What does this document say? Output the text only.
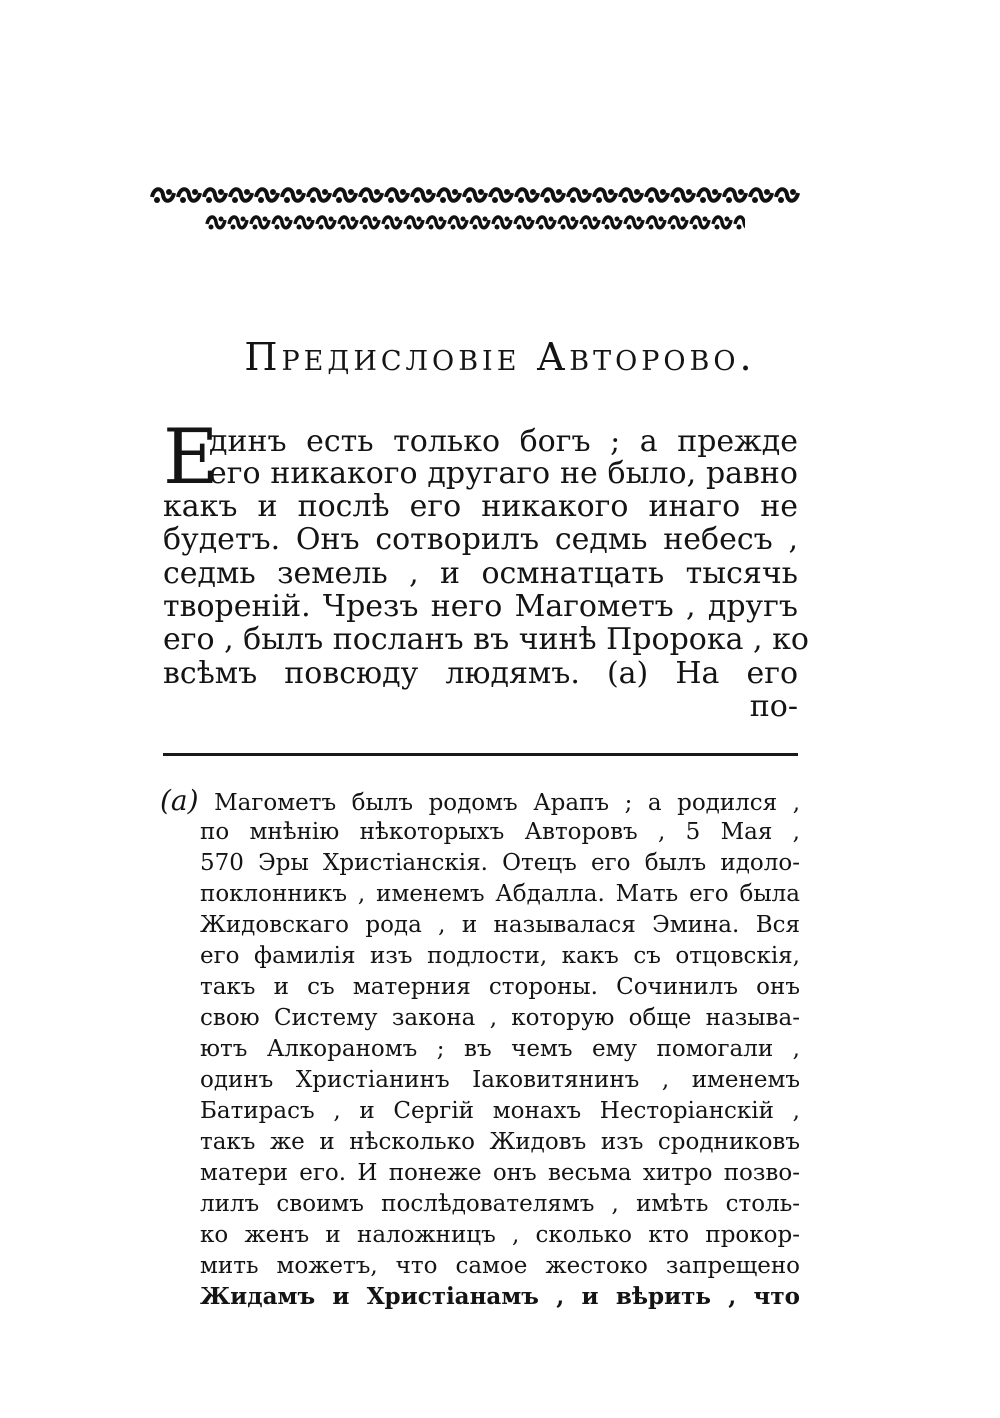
Предисловіе Авторово.
Е
динъ есть только богъ ; а прежде
его никакого другаго не было, равно
какъ и послѣ его никакого инаго не
будетъ. Онъ сотворилъ седмь небесъ ,
седмь земель , и осмнатцать тысячь
твореній. Чрезъ него Магометъ , другъ
его , былъ посланъ въ чинѣ Пророка , ко
всѣмъ повсюду людямъ. (a) На его
по-
(a) Магометъ былъ родомъ Арапъ ; а родился ,
по мнѣнію нѣкоторыхъ Авторовъ , 5 Мая ,
570 Эры Христіанскія. Отецъ его былъ идоло-
поклонникъ , именемъ Абдалла. Мать его была
Жидовскаго рода , и называлася Эмина. Вся
его фамилія изъ подлости, какъ съ отцовскія,
такъ и съ матерния стороны. Сочинилъ онъ
свою Систему закона , которую обще называ-
ютъ Алкораномъ ; въ чемъ ему помогали ,
одинъ Христіанинъ Іаковитянинъ , именемъ
Батирасъ , и Сергій монахъ Несторіанскій ,
такъ же и нѣсколько Жидовъ изъ сродниковъ
матери его. И понеже онъ весьма хитро позво-
лилъ своимъ послѣдователямъ , имѣть столь-
ко женъ и наложницъ , сколько кто прокор-
мить можетъ, что самое жестоко запрещено
Жидамъ и Христіанамъ , и вѣрить , что
